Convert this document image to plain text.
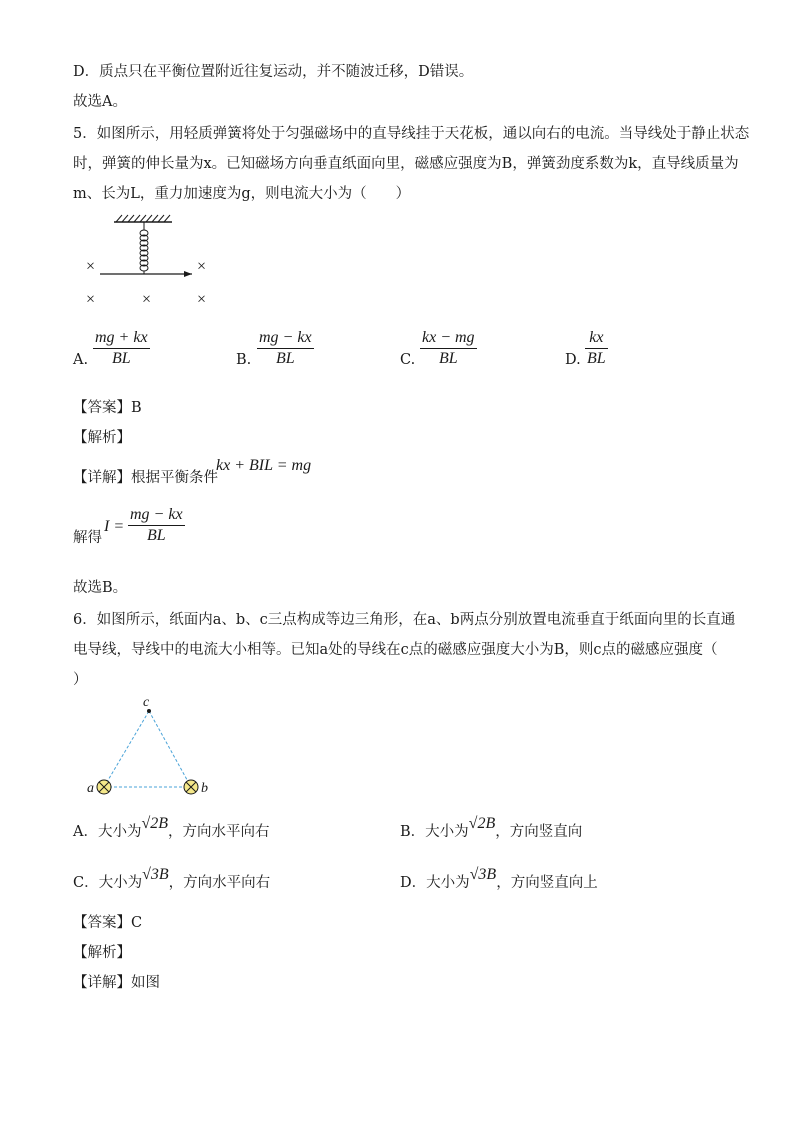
D．质点只在平衡位置附近往复运动，并不随波迁移，D错误。
故选A。
5．如图所示，用轻质弹簧将处于匀强磁场中的直导线挂于天花板，通以向右的电流。当导线处于静止状态
时，弹簧的伸长量为x。已知磁场方向垂直纸面向里，磁感应强度为B，弹簧劲度系数为k，直导线质量为
m、长为L，重力加速度为g，则电流大小为（　　）
×	×
×	×	×
A. $\frac{mg + kx}{BL}$	B. $\frac{mg - kx}{BL}$	C. $\frac{kx - mg}{BL}$	D. $\frac{kx}{BL}$
【答案】B
【解析】
【详解】根据平衡条件
kx + BIL = mg
解得
$I = \frac{mg - kx}{BL}$
故选B。
6．如图所示，纸面内a、b、c三点构成等边三角形，在a、b两点分别放置电流垂直于纸面向里的长直通
电导线，导线中的电流大小相等。已知a处的导线在c点的磁感应强度大小为B，则c点的磁感应强度（
）
c
a	b
A．大小为√2B，方向水平向右	B．大小为√2B，方向竖直向
C．大小为√3B，方向水平向右	D．大小为√3B，方向竖直向上
【答案】C
【解析】
【详解】如图
